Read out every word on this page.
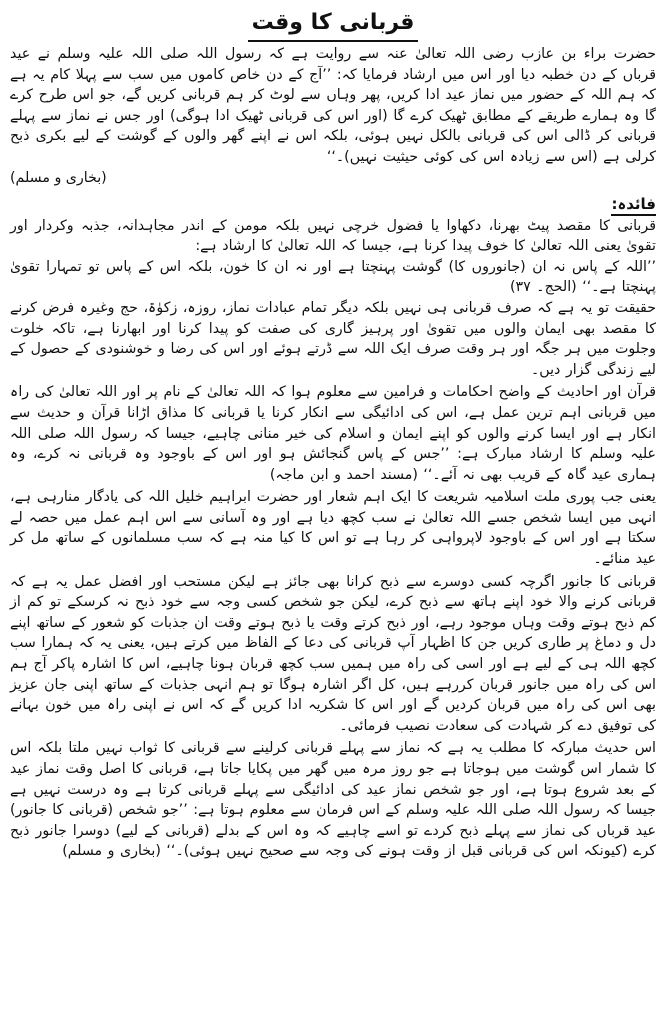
قربانی کا وقت

حضرت براء بن عازب رضی اللہ تعالیٰ عنہ سے روایت ہے کہ رسول اللہ صلی اللہ علیہ وسلم نے عید قرباں کے دن خطبہ دیا اور اس میں ارشاد فرمایا کہ: ’’آج کے دن خاص کاموں میں سب سے پہلا کام یہ ہے کہ ہم اللہ کے حضور میں نماز عید ادا کریں، پھر وہاں سے لوٹ کر ہم قربانی کریں گے، جو اس طرح کرے گا وہ ہمارے طریقے کے مطابق ٹھیک کرے گا (اور اس کی قربانی ٹھیک ادا ہوگی) اور جس نے نماز سے پہلے قربانی کر ڈالی اس کی قربانی بالکل نہیں ہوئی، بلکہ اس نے اپنے گھر والوں کے گوشت کے لیے بکری ذبح کرلی ہے (اس سے زیادہ اس کی کوئی حیثیت نہیں)۔‘‘

(بخاری و مسلم)

فائدہ:

قربانی کا مقصد پیٹ بھرنا، دکھاوا یا فضول خرچی نہیں بلکہ مومن کے اندر مجاہدانہ، جذبہ وکردار اور تقویٰ یعنی اللہ تعالیٰ کا خوف پیدا کرنا ہے، جیسا کہ اللہ تعالیٰ کا ارشاد ہے:

’’اللہ کے پاس نہ ان (جانوروں کا) گوشت پہنچتا ہے اور نہ ان کا خون، بلکہ اس کے پاس تو تمہارا تقویٰ پہنچتا ہے۔‘‘ (الحج۔ ۳۷)

حقیقت تو یہ ہے کہ صرف قربانی ہی نہیں بلکہ دیگر تمام عبادات نماز، روزہ، زکوٰۃ، حج وغیرہ فرض کرنے کا مقصد بھی ایمان والوں میں تقویٰ اور پرہیز گاری کی صفت کو پیدا کرنا اور ابھارنا ہے، تاکہ خلوت وجلوت میں ہر جگہ اور ہر وقت صرف ایک اللہ سے ڈرتے ہوئے اور اس کی رضا و خوشنودی کے حصول کے لیے زندگی گزار دیں۔

قرآن اور احادیث کے واضح احکامات و فرامین سے معلوم ہوا کہ اللہ تعالیٰ کے نام پر اور اللہ تعالیٰ کی راہ میں قربانی اہم ترین عمل ہے، اس کی ادائیگی سے انکار کرنا یا قربانی کا مذاق اڑانا قرآن و حدیث سے انکار ہے اور ایسا کرنے والوں کو اپنے ایمان و اسلام کی خیر منانی چاہیے، جیسا کہ رسول اللہ صلی اللہ علیہ وسلم کا ارشاد مبارک ہے: ’’جس کے پاس گنجائش ہو اور اس کے باوجود وہ قربانی نہ کرے، وہ ہماری عید گاہ کے قریب بھی نہ آئے۔‘‘ (مسند احمد و ابن ماجہ)

یعنی جب پوری ملت اسلامیہ شریعت کا ایک اہم شعار اور حضرت ابراہیم خلیل اللہ کی یادگار منارہی ہے، انہی میں ایسا شخص جسے اللہ تعالیٰ نے سب کچھ دیا ہے اور وہ آسانی سے اس اہم عمل میں حصہ لے سکتا ہے اور اس کے باوجود لاپرواہی کر رہا ہے تو اس کا کیا منہ ہے کہ سب مسلمانوں کے ساتھ مل کر عید منائے۔

قربانی کا جانور اگرچہ کسی دوسرے سے ذبح کرانا بھی جائز ہے لیکن مستحب اور افضل عمل یہ ہے کہ قربانی کرنے والا خود اپنے ہاتھ سے ذبح کرے، لیکن جو شخص کسی وجہ سے خود ذبح نہ کرسکے تو کم از کم ذبح ہوتے وقت وہاں موجود رہے، اور ذبح کرتے وقت یا ذبح ہوتے وقت ان جذبات کو شعور کے ساتھ اپنے دل و دماغ پر طاری کریں جن کا اظہار آپ قربانی کی دعا کے الفاظ میں کرتے ہیں، یعنی یہ کہ ہمارا سب کچھ اللہ ہی کے لیے ہے اور اسی کی راہ میں ہمیں سب کچھ قربان ہونا چاہیے، اس کا اشارہ پاکر آج ہم اس کی راہ میں جانور قربان کررہے ہیں، کل اگر اشارہ ہوگا تو ہم انہی جذبات کے ساتھ اپنی جان عزیز بھی اس کی راہ میں قربان کردیں گے اور اس کا شکریہ ادا کریں گے کہ اس نے اپنی راہ میں خون بہانے کی توفیق دے کر شہادت کی سعادت نصیب فرمائی۔

اس حدیث مبارکہ کا مطلب یہ ہے کہ نماز سے پہلے قربانی کرلینے سے قربانی کا ثواب نہیں ملتا بلکہ اس کا شمار اس گوشت میں ہوجاتا ہے جو روز مرہ میں گھر میں پکایا جاتا ہے، قربانی کا اصل وقت نماز عید کے بعد شروع ہوتا ہے، اور جو شخص نماز عید کی ادائیگی سے پہلے قربانی کرتا ہے وہ درست نہیں ہے جیسا کہ رسول اللہ صلی اللہ علیہ وسلم کے اس فرمان سے معلوم ہوتا ہے: ’’جو شخص (قربانی کا جانور) عید قرباں کی نماز سے پہلے ذبح کردے تو اسے چاہیے کہ وہ اس کے بدلے (قربانی کے لیے) دوسرا جانور ذبح کرے (کیونکہ اس کی قربانی قبل از وقت ہونے کی وجہ سے صحیح نہیں ہوئی)۔‘‘ (بخاری و مسلم)
